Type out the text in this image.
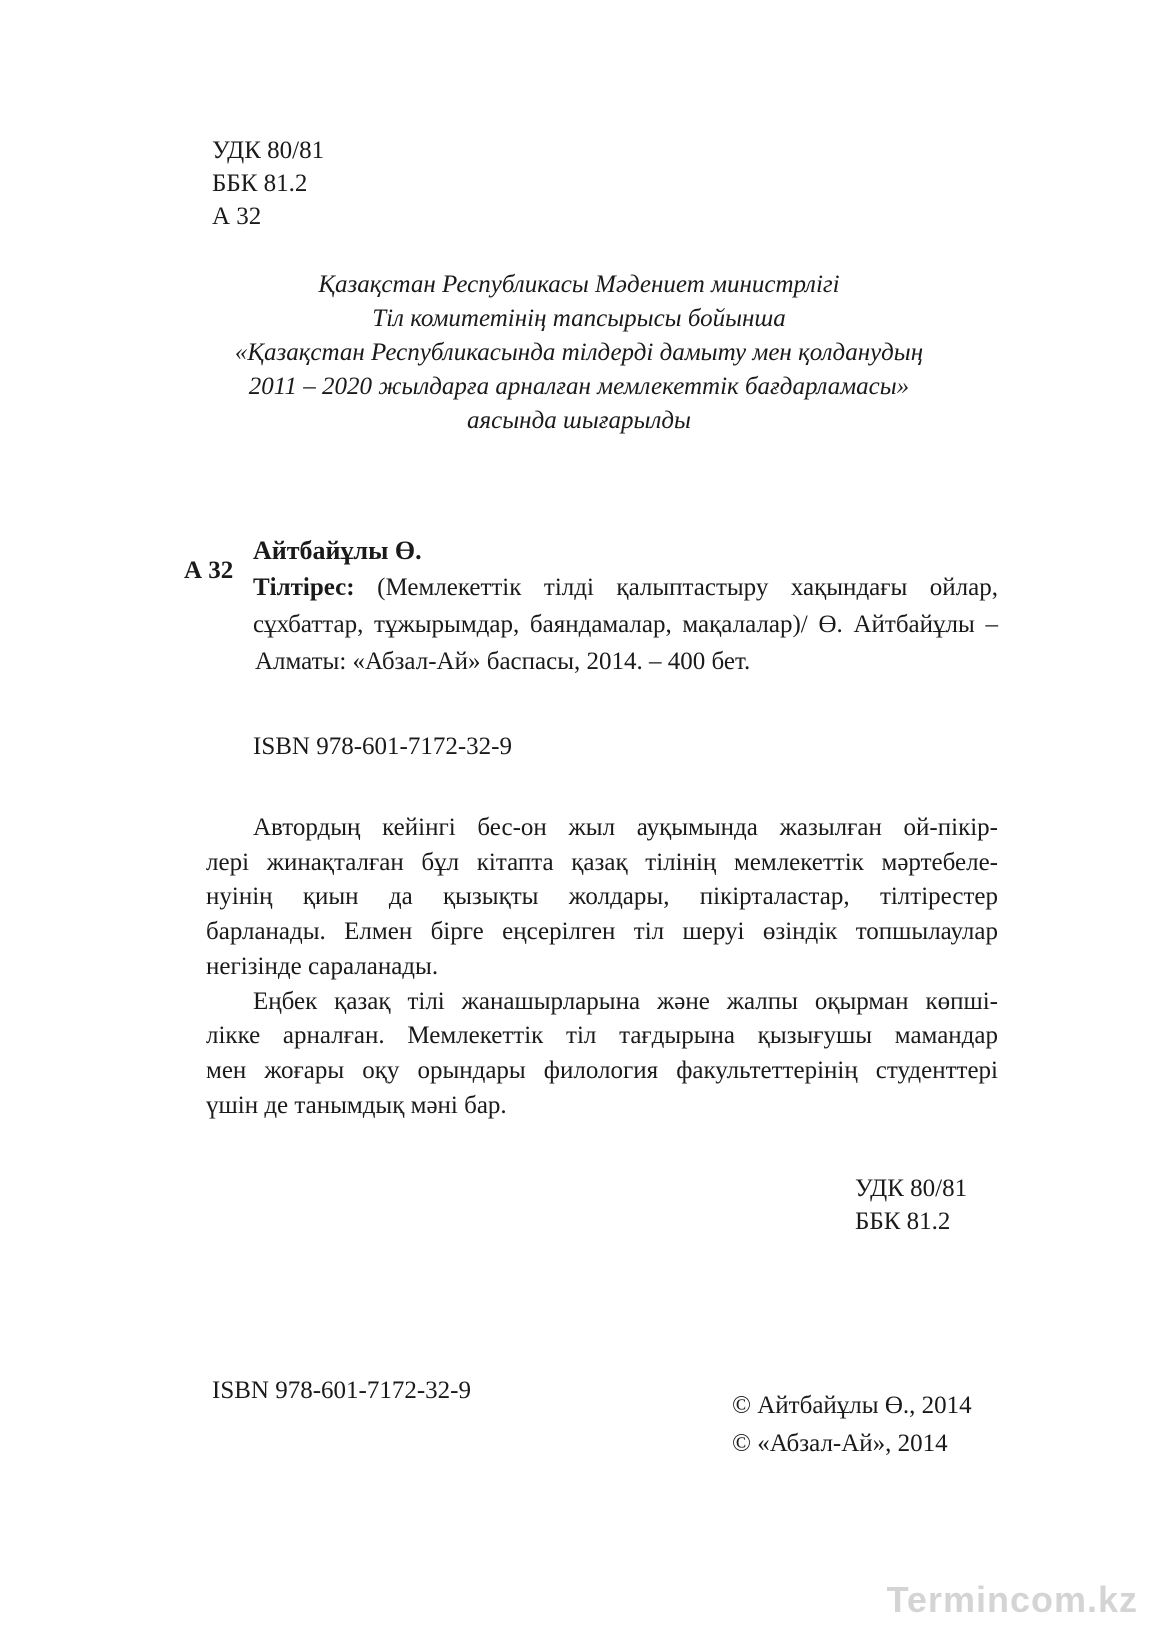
УДК 80/81
ББК 81.2
А 32
Қазақстан Республикасы Мәдениет министрлігі
Тіл комитетінің тапсырысы бойынша
«Қазақстан Республикасында тілдерді дамыту мен қолданудың
2011 – 2020 жылдарға арналған мемлекеттік бағдарламасы»
аясында шығарылды
А 32
Айтбайұлы Ө.
Тілтірес: (Мемлекеттік тілді қалыптастыру хақындағы ойлар,
сұхбаттар, тұжырымдар, баяндамалар, мақалалар)/ Ө. Айтбайұлы –
Алматы: «Абзал-Ай» баспасы, 2014. – 400 бет.
ISBN 978-601-7172-32-9
Автордың кейінгі бес-он жыл ауқымында жазылған ой-пікір-
лері жинақталған бұл кітапта қазақ тілінің мемлекеттік мәртебеле-
нуінің қиын да қызықты жолдары, пікірталастар, тілтірестер
барланады. Елмен бірге еңсерілген тіл шеруі өзіндік топшылаулар
негізінде сараланады.
Еңбек қазақ тілі жанашырларына және жалпы оқырман көпші-
лікке арналған. Мемлекеттік тіл тағдырына қызығушы мамандар
мен жоғары оқу орындары филология факультеттерінің студенттері
үшін де танымдық мәні бар.
УДК 80/81
ББК 81.2
ISBN 978-601-7172-32-9
© Айтбайұлы Ө., 2014
© «Абзал-Ай», 2014
Termincom.kz
